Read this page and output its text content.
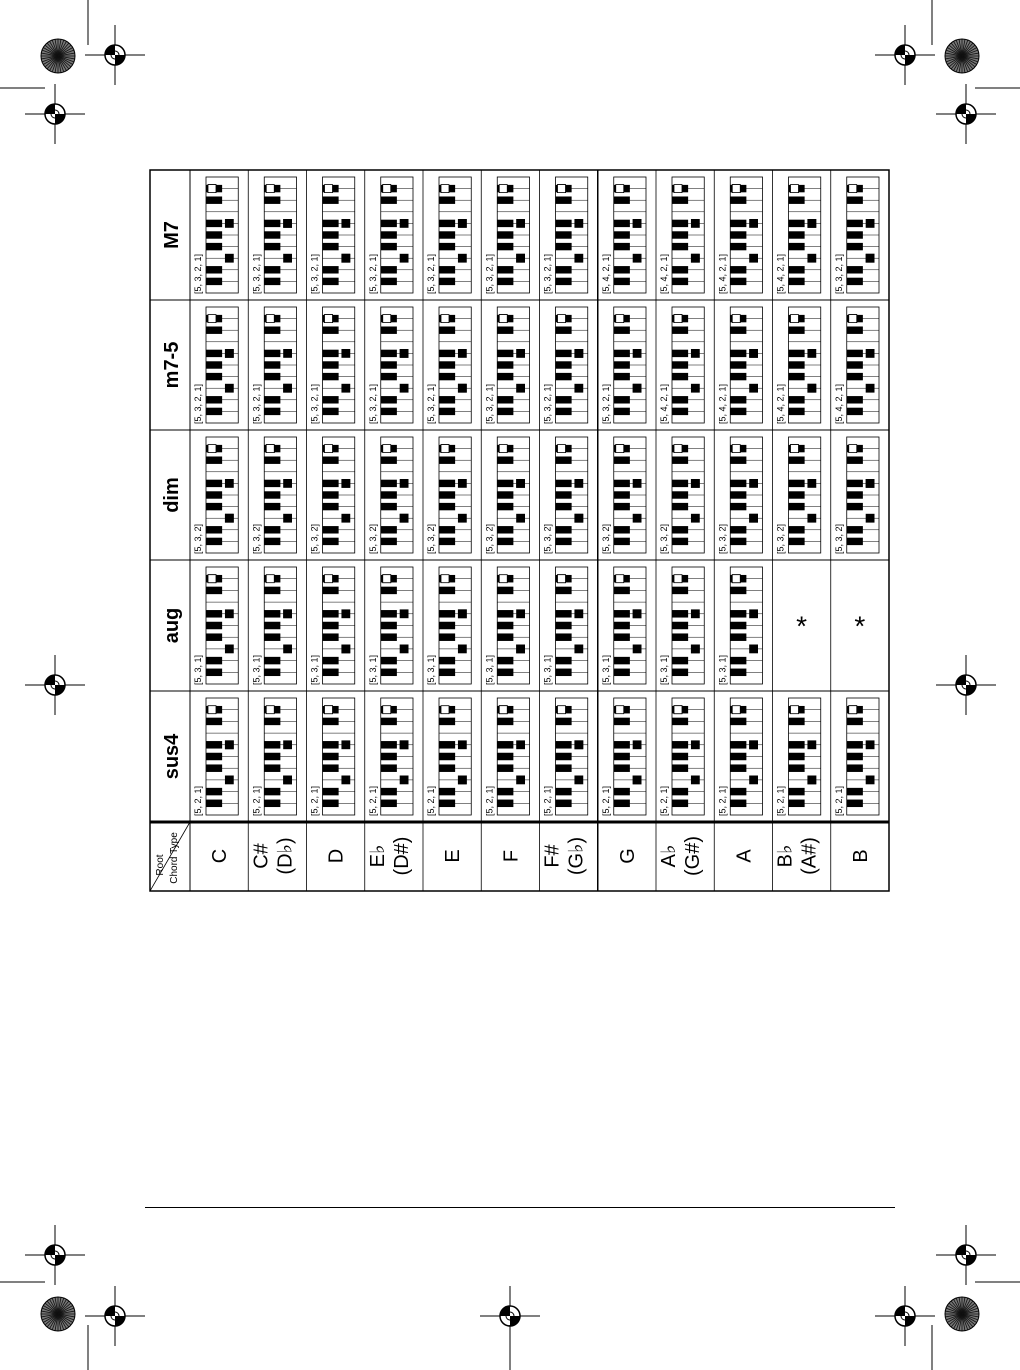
Chord Type
Root
M7
m7-5
dim
aug
sus4
C C# (D♭) D E♭ (D#) E F F# (G♭) G A♭ (G#) A B♭ (A#) B
[5, 3, 2, 1]
[5, 3, 2, 1]
[5, 3, 2]
[5, 3, 1]
[5, 2, 1]
[5, 3, 2, 1]
[5, 3, 2, 1]
[5, 3, 2]
[5, 3, 1]
[5, 2, 1]
[5, 3, 2, 1]
[5, 3, 2, 1]
[5, 3, 2]
[5, 3, 1]
[5, 2, 1]
[5, 3, 2, 1]
[5, 3, 2, 1]
[5, 3, 2]
[5, 3, 1]
[5, 2, 1]
[5, 3, 2, 1]
[5, 3, 2, 1]
[5, 3, 2]
[5, 3, 1]
[5, 2, 1]
[5, 3, 2, 1]
[5, 3, 2, 1]
[5, 3, 2]
[5, 3, 1]
[5, 2, 1]
[5, 3, 2, 1]
[5, 3, 2, 1]
[5, 3, 2]
[5, 3, 1]
[5, 2, 1]
[5, 4, 2, 1]
[5, 3, 2, 1]
[5, 3, 2]
[5, 3, 1]
[5, 2, 1]
[5, 4, 2, 1]
[5, 4, 2, 1]
[5, 3, 2]
[5, 3, 1]
[5, 2, 1]
[5, 4, 2, 1]
[5, 4, 2, 1]
[5, 3, 2]
[5, 3, 1]
[5, 2, 1]
[5, 4, 2, 1]
[5, 4, 2, 1]
[5, 3, 2]
*
[5, 2, 1]
[5, 3, 2, 1]
[5, 4, 2, 1]
[5, 3, 2]
*
[5, 2, 1]
